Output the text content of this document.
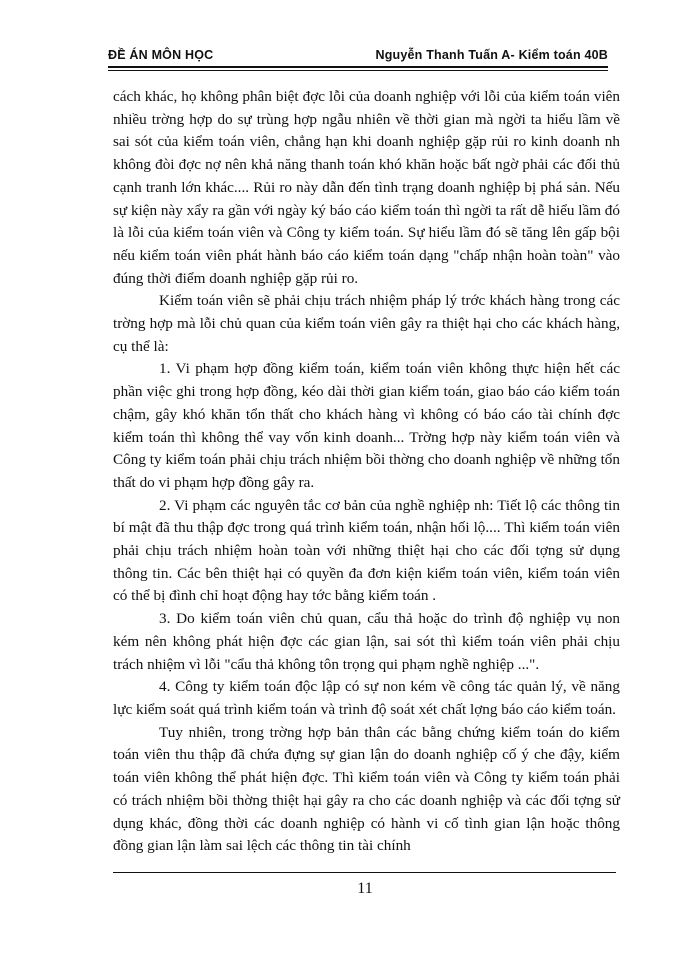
ĐỀ ÁN MÔN HỌC	Nguyễn Thanh Tuấn A- Kiểm toán 40B

cách khác, họ không phân biệt đợc lỗi của doanh nghiệp với lỗi của kiểm toán viên nhiều trờng hợp do sự trùng hợp ngẫu nhiên về thời gian mà ngời ta hiểu lầm về sai sót của kiểm toán viên, chẳng hạn khi doanh nghiệp gặp rủi ro kinh doanh nh không đòi đợc nợ nên khả năng thanh toán khó khăn hoặc bất ngờ phải các đối thủ cạnh tranh lớn khác.... Rủi ro này dẫn đến tình trạng doanh nghiệp bị phá sản. Nếu sự kiện này xẩy ra gần với ngày ký báo cáo kiểm toán thì ngời ta rất dễ hiểu lầm đó là lỗi của kiểm toán viên và Công ty kiểm toán. Sự hiểu lầm đó sẽ tăng lên gấp bội nếu kiểm toán viên phát hành báo cáo kiểm toán dạng "chấp nhận hoàn toàn" vào đúng thời điểm doanh nghiệp gặp rủi ro.

Kiểm toán viên sẽ phải chịu trách nhiệm pháp lý trớc khách hàng trong các trờng hợp mà lỗi chủ quan của kiểm toán viên gây ra thiệt hại cho các khách hàng, cụ thể là:

1. Vi phạm hợp đồng kiểm toán, kiểm toán viên không thực hiện hết các phần việc ghi trong hợp đồng, kéo dài thời gian kiểm toán, giao báo cáo kiểm toán chậm, gây khó khăn tổn thất cho khách hàng vì không có báo cáo tài chính đợc kiểm toán thì không thể vay vốn kinh doanh... Trờng hợp này kiểm toán viên và Công ty kiểm toán phải chịu trách nhiệm bồi thờng cho doanh nghiệp về những tổn thất do vi phạm hợp đồng gây ra.

2. Vi phạm các nguyên tắc cơ bản của nghề nghiệp nh: Tiết lộ các thông tin bí mật đã thu thập đợc trong quá trình kiểm toán, nhận hối lộ.... Thì kiểm toán viên phải chịu trách nhiệm hoàn toàn với những thiệt hại cho các đối tợng sử dụng thông tin. Các bên thiệt hại có quyền đa đơn kiện kiểm toán viên, kiểm toán viên có thể bị đình chỉ hoạt động hay tớc bằng kiểm toán .

3. Do kiểm toán viên chủ quan, cẩu thả hoặc do trình độ nghiệp vụ non kém nên không phát hiện đợc các gian lận, sai sót thì kiểm toán viên phải chịu trách nhiệm vì lỗi "cẩu thả không tôn trọng qui phạm nghề nghiệp ...".

4. Công ty kiểm toán độc lập có sự non kém về công tác quản lý, về năng lực kiểm soát quá trình kiểm toán và trình độ soát xét chất lợng báo cáo kiểm toán.

Tuy nhiên, trong trờng hợp bản thân các bằng chứng kiểm toán do kiểm toán viên thu thập đã chứa đựng sự gian lận do doanh nghiệp cố ý che đậy, kiểm toán viên không thể phát hiện đợc. Thì kiểm toán viên và Công ty kiểm toán phải có trách nhiệm bồi thờng thiệt hại gây ra cho các doanh nghiệp và các đối tợng sử dụng khác, đồng thời các doanh nghiệp có hành vi cố tình gian lận hoặc thông đồng gian lận làm sai lệch các thông tin tài chính

11
